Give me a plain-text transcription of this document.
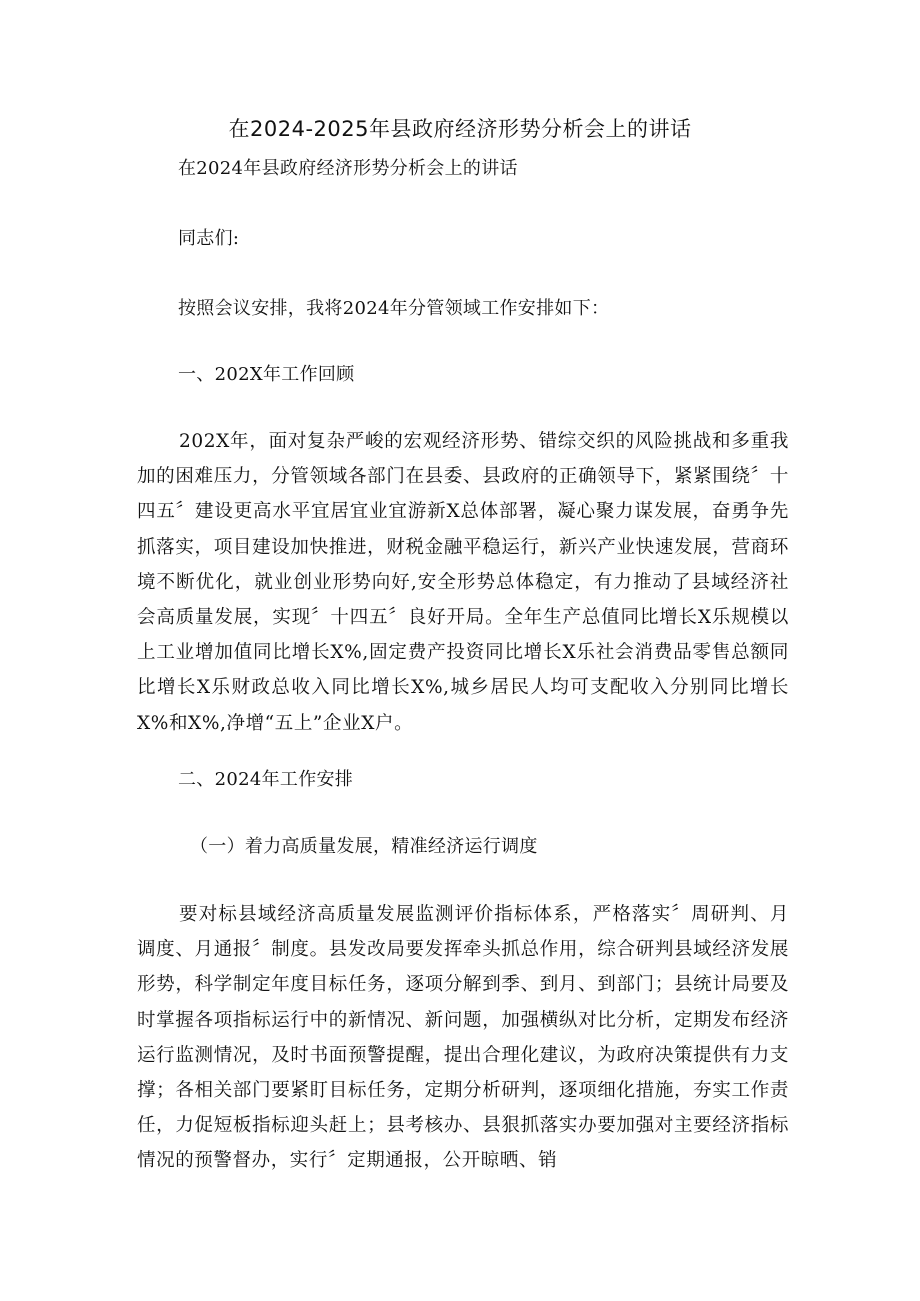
在2024-2025年县政府经济形势分析会上的讲话
在2024年县政府经济形势分析会上的讲话
同志们:
按照会议安排，我将2024年分管领域工作安排如下：
一、202X年工作回顾
202X年，面对复杂严峻的宏观经济形势、错综交织的风险挑战和多重我加的困难压力，分管领域各部门在县委、县政府的正确领导下，紧紧围绕〞十四五〞建设更高水平宜居宜业宜游新X总体部署，凝心聚力谋发展，奋勇争先抓落实，项目建设加快推进，财税金融平稳运行，新兴产业快速发展，营商环境不断优化，就业创业形势向好,安全形势总体稳定，有力推动了县域经济社会高质量发展，实现〞十四五〞良好开局。全年生产总值同比增长X乐规模以上工业增加值同比增长X%,固定费产投资同比增长X乐社会消费品零售总额同比增长X乐财政总收入同比增长X%,城乡居民人均可支配收入分别同比增长X%和X%,净增“五上”企业X户。
二、2024年工作安排
（一）着力高质量发展，精准经济运行调度
要对标县域经济高质量发展监测评价指标体系，严格落实〞周研判、月调度、月通报〞制度。县发改局要发挥牵头抓总作用，综合研判县域经济发展形势，科学制定年度目标任务，逐项分解到季、到月、到部门；县统计局要及时掌握各项指标运行中的新情况、新问题，加强横纵对比分析，定期发布经济运行监测情况，及时书面预警提醒，提出合理化建议，为政府决策提供有力支撑；各相关部门要紧盯目标任务，定期分析研判，逐项细化措施，夯实工作责任，力促短板指标迎头赶上；县考核办、县狠抓落实办要加强对主要经济指标情况的预警督办，实行〞定期通报，公开晾晒、销
